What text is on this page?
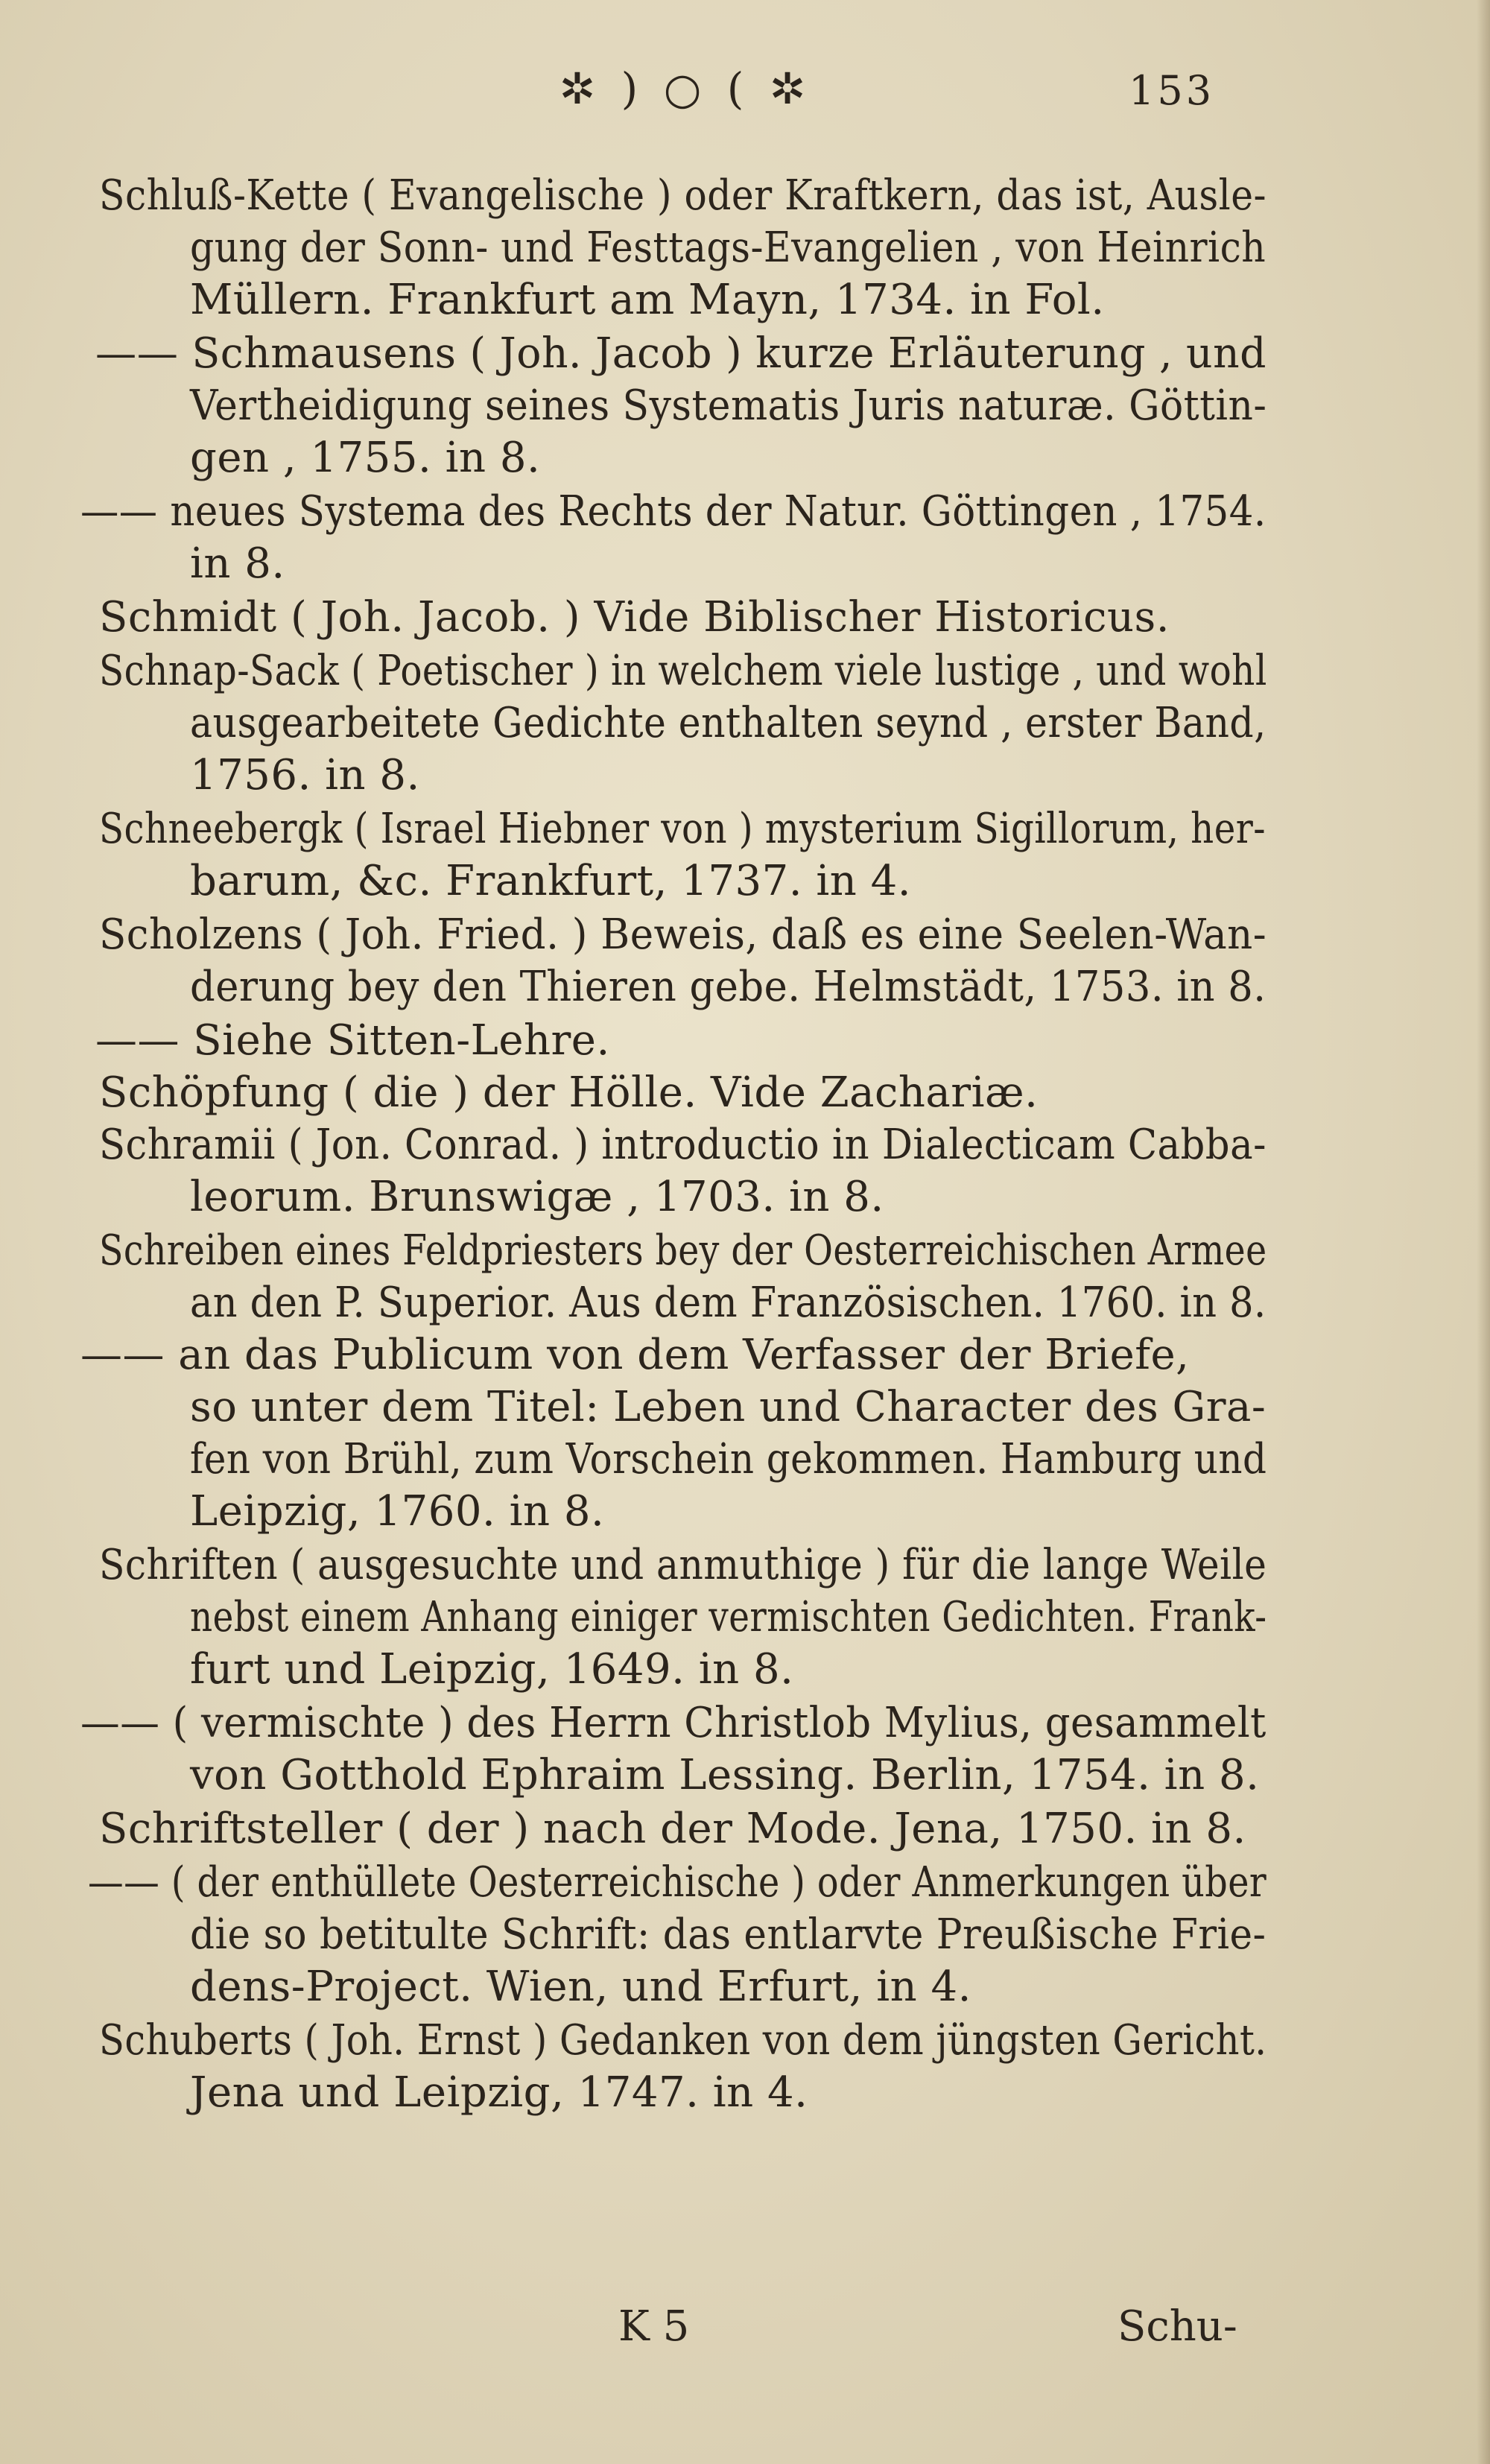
✲ ) ○ ( ✲	153
Schluß-Kette ( Evangelische ) oder Kraftkern, das ist, Ausle-
gung der Sonn- und Festtags-Evangelien , von Heinrich
Müllern. Frankfurt am Mayn, 1734. in Fol.
—— Schmausens ( Joh. Jacob ) kurze Erläuterung , und
Vertheidigung seines Systematis Juris naturæ. Göttin-
gen , 1755. in 8.
—— neues Systema des Rechts der Natur. Göttingen , 1754.
in 8.
Schmidt ( Joh. Jacob. ) Vide Biblischer Historicus.
Schnap-Sack ( Poetischer ) in welchem viele lustige , und wohl
ausgearbeitete Gedichte enthalten seynd , erster Band,
1756. in 8.
Schneebergk ( Israel Hiebner von ) mysterium Sigillorum, her-
barum, &c. Frankfurt, 1737. in 4.
Scholzens ( Joh. Fried. ) Beweis, daß es eine Seelen-Wan-
derung bey den Thieren gebe. Helmstädt, 1753. in 8.
—— Siehe Sitten-Lehre.
Schöpfung ( die ) der Hölle. Vide Zachariæ.
Schramii ( Jon. Conrad. ) introductio in Dialecticam Cabba-
leorum. Brunswigæ , 1703. in 8.
Schreiben eines Feldpriesters bey der Oesterreichischen Armee
an den P. Superior. Aus dem Französischen. 1760. in 8.
—— an das Publicum von dem Verfasser der Briefe,
so unter dem Titel: Leben und Character des Gra-
fen von Brühl, zum Vorschein gekommen. Hamburg und
Leipzig, 1760. in 8.
Schriften ( ausgesuchte und anmuthige ) für die lange Weile
nebst einem Anhang einiger vermischten Gedichten. Frank-
furt und Leipzig, 1649. in 8.
—— ( vermischte ) des Herrn Christlob Mylius, gesammelt
von Gotthold Ephraim Lessing. Berlin, 1754. in 8.
Schriftsteller ( der ) nach der Mode. Jena, 1750. in 8.
—— ( der enthüllete Oesterreichische ) oder Anmerkungen über
die so betitulte Schrift: das entlarvte Preußische Frie-
dens-Project. Wien, und Erfurt, in 4.
Schuberts ( Joh. Ernst ) Gedanken von dem jüngsten Gericht.
Jena und Leipzig, 1747. in 4.
K 5	Schu-
